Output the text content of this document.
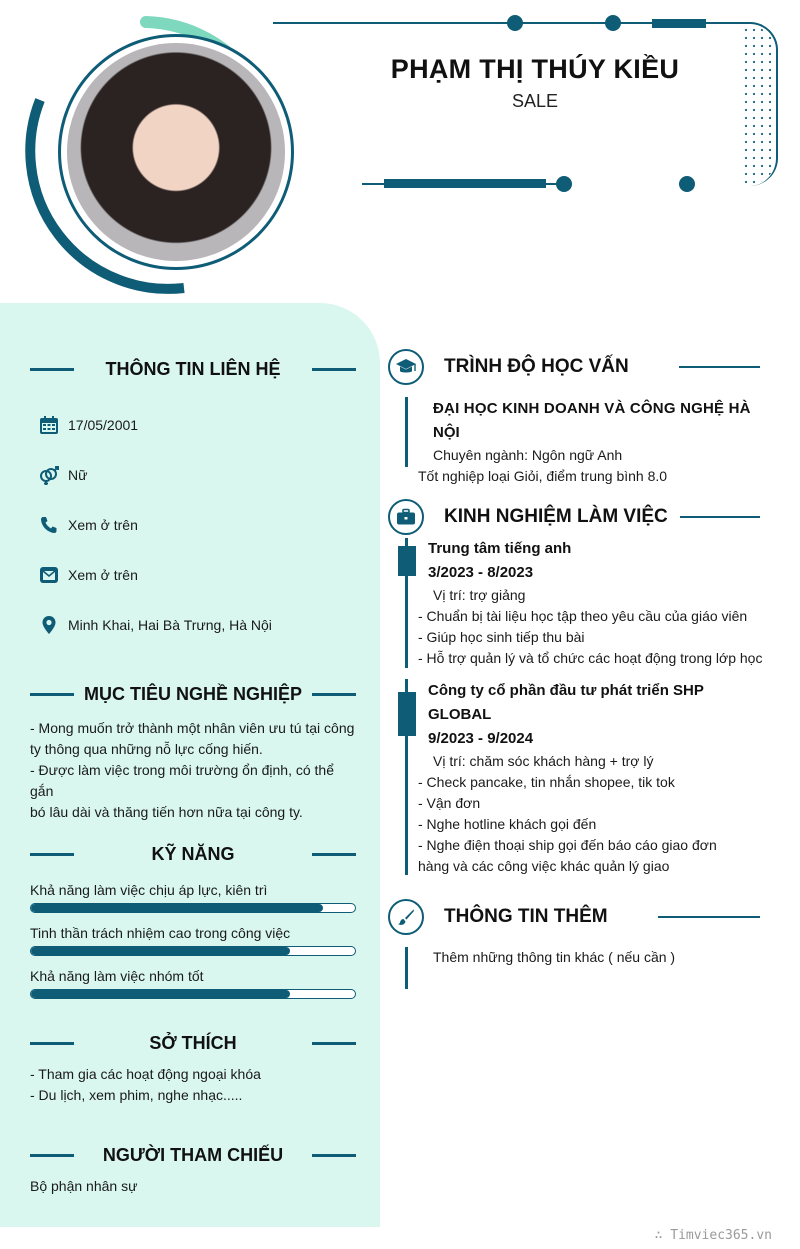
PHẠM THỊ THÚY KIỀU
SALE
THÔNG TIN LIÊN HỆ
17/05/2001
Nữ
Xem ở trên
Xem ở trên
Minh Khai, Hai Bà Trưng, Hà Nội
MỤC TIÊU NGHỀ NGHIỆP
- Mong muốn trở thành một nhân viên ưu tú tại công
ty thông qua những nỗ lực cống hiến.
- Được làm việc trong môi trường ổn định, có thể gắn
bó lâu dài và thăng tiến hơn nữa tại công ty.
KỸ NĂNG
Khả năng làm việc chịu áp lực, kiên trì
Tinh thần trách nhiệm cao trong công việc
Khả năng làm việc nhóm tốt
SỞ THÍCH
- Tham gia các hoạt động ngoại khóa
- Du lịch, xem phim, nghe nhạc.....
NGƯỜI THAM CHIẾU
Bộ phận nhân sự
TRÌNH ĐỘ HỌC VẤN
ĐẠI HỌC KINH DOANH VÀ CÔNG NGHỆ HÀ
NỘI
Chuyên ngành: Ngôn ngữ Anh
Tốt nghiệp loại Giỏi, điểm trung bình 8.0
KINH NGHIỆM LÀM VIỆC
Trung tâm tiếng anh
3/2023 - 8/2023
Vị trí: trợ giảng
- Chuẩn bị tài liệu học tập theo yêu cầu của giáo viên
- Giúp học sinh tiếp thu bài
- Hỗ trợ quản lý và tổ chức các hoạt động trong lớp học
Công ty cổ phần đầu tư phát triển SHP
GLOBAL
9/2023 - 9/2024
Vị trí: chăm sóc khách hàng + trợ lý
- Check pancake, tin nhắn shopee, tik tok
- Vận đơn
- Nghe hotline khách gọi đến
- Nghe điện thoại ship gọi đến báo cáo giao đơn
hàng và các công việc khác quản lý giao
THÔNG TIN THÊM
Thêm những thông tin khác ( nếu cần )
∴ Timviec365.vn
